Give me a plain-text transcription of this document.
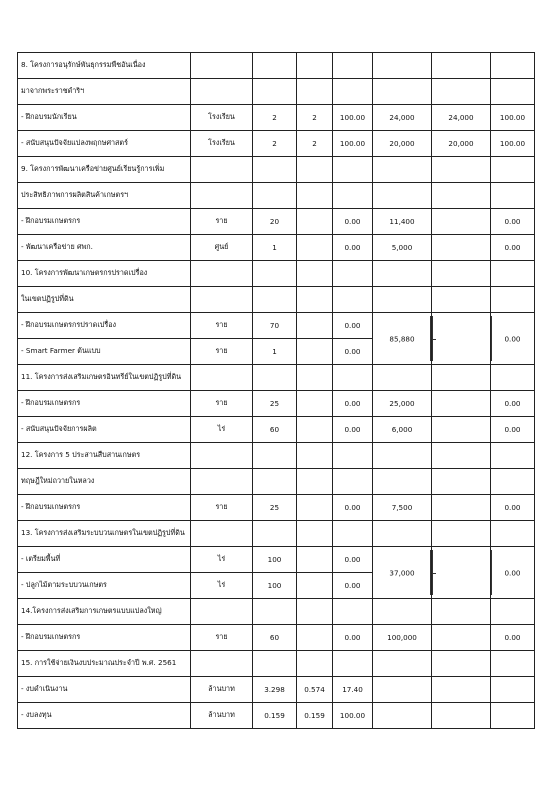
8. โครงการอนุรักษ์พันธุกรรมพืชอันเนื่อง							
มาจากพระราชดำริฯ							
- ฝึกอบรมนักเรียน	โรงเรียน	2	2	100.00	24,000	24,000	100.00
- สนับสนุนปัจจัยแปลงพฤกษศาสตร์	โรงเรียน	2	2	100.00	20,000	20,000	100.00
9. โครงการพัฒนาเครือข่ายศูนย์เรียนรู้การเพิ่ม							
ประสิทธิภาพการผลิตสินค้าเกษตรฯ							
- ฝึกอบรมเกษตรกร	ราย	20		0.00	11,400		0.00
- พัฒนาเครือข่าย ศพก.	ศูนย์	1		0.00	5,000		0.00
10. โครงการพัฒนาเกษตรกรปราดเปรื่อง							
ในเขตปฏิรูปที่ดิน							
- ฝึกอบรมเกษตรกรปราดเปรื่อง	ราย	70		0.00	85,880		0.00

- Smart Farmer ต้นแบบ	ราย	1		0.00			
11. โครงการส่งเสริมเกษตรอินทรีย์ในเขตปฏิรูปที่ดิน							
- ฝึกอบรมเกษตรกร	ราย	25		0.00	25,000		0.00
- สนับสนุนปัจจัยการผลิต	ไร่	60		0.00	6,000		0.00
12. โครงการ 5 ประสานสืบสานเกษตร							
ทฤษฎีใหม่ถวายในหลวง							
- ฝึกอบรมเกษตรกร	ราย	25		0.00	7,500		0.00
13. โครงการส่งเสริมระบบวนเกษตรในเขตปฏิรูปที่ดิน							
- เตรียมพื้นที่	ไร่	100		0.00	37,000		0.00

- ปลูกไม้ตามระบบวนเกษตร	ไร่	100		0.00			
14.โครงการส่งเสริมการเกษตรแบบแปลงใหญ่							
- ฝึกอบรมเกษตรกร	ราย	60		0.00	100,000		0.00
15. การใช้จ่ายเงินงบประมาณประจำปี พ.ศ. 2561							
- งบดำเนินงาน	ล้านบาท	3.298	0.574	17.40			
- งบลงทุน	ล้านบาท	0.159	0.159	100.00			
